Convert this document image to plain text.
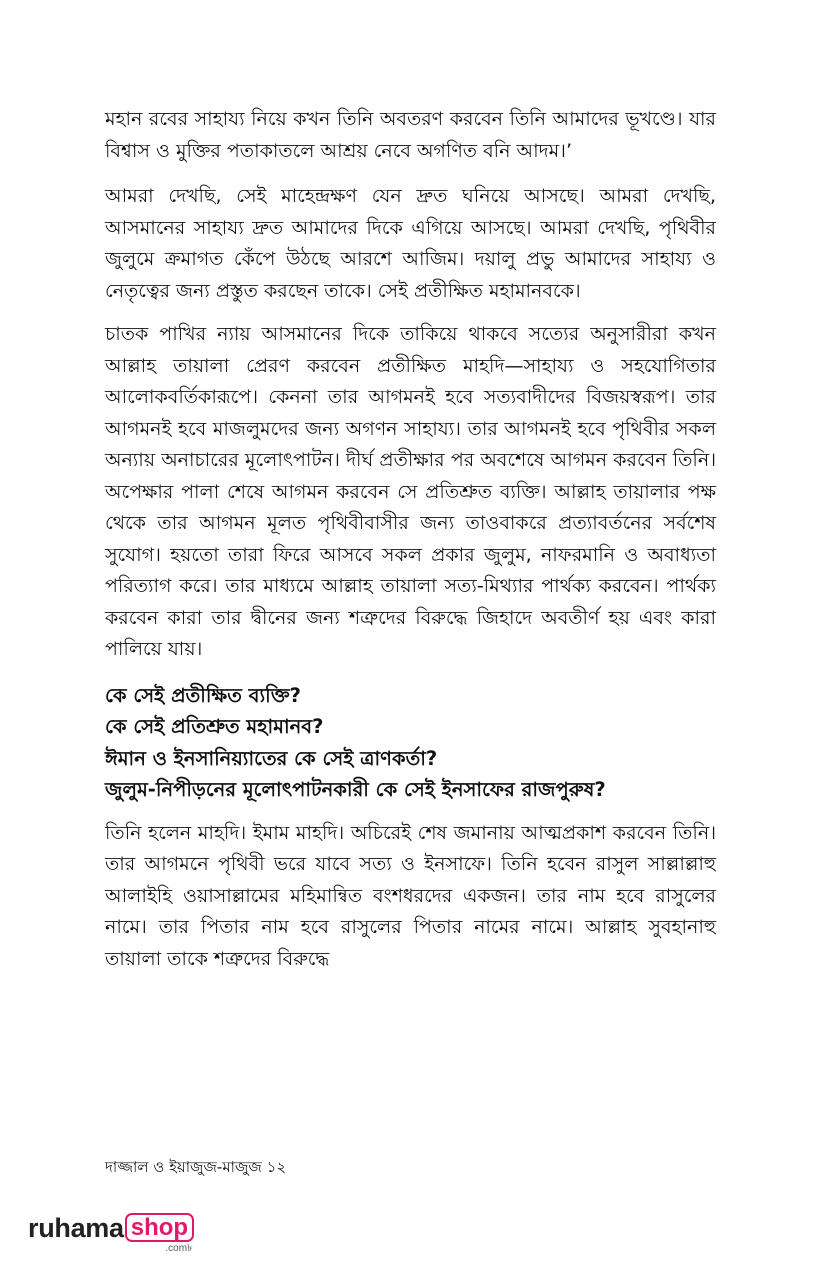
মহান রবের সাহায্য নিয়ে কখন তিনি অবতরণ করবেন তিনি আমাদের ভূখণ্ডে। যার বিশ্বাস ও মুক্তির পতাকাতলে আশ্রয় নেবে অগণিত বনি আদম।’

আমরা দেখছি, সেই মাহেন্দ্রক্ষণ যেন দ্রুত ঘনিয়ে আসছে। আমরা দেখছি, আসমানের সাহায্য দ্রুত আমাদের দিকে এগিয়ে আসছে। আমরা দেখছি, পৃথিবীর জুলুমে ক্রমাগত কেঁপে উঠছে আরশে আজিম। দয়ালু প্রভু আমাদের সাহায্য ও নেতৃত্বের জন্য প্রস্তুত করছেন তাকে। সেই প্রতীক্ষিত মহামানবকে।

চাতক পাখির ন্যায় আসমানের দিকে তাকিয়ে থাকবে সত্যের অনুসারীরা কখন আল্লাহ তায়ালা প্রেরণ করবেন প্রতীক্ষিত মাহদি—সাহায্য ও সহযোগিতার আলোকবর্তিকারূপে। কেননা তার আগমনই হবে সত্যবাদীদের বিজয়স্বরূপ। তার আগমনই হবে মাজলুমদের জন্য অগণন সাহায্য। তার আগমনই হবে পৃথিবীর সকল অন্যায় অনাচারের মূলোৎপাটন। দীর্ঘ প্রতীক্ষার পর অবশেষে আগমন করবেন তিনি। অপেক্ষার পালা শেষে আগমন করবেন সে প্রতিশ্রুত ব্যক্তি। আল্লাহ তায়ালার পক্ষ থেকে তার আগমন মূলত পৃথিবীবাসীর জন্য তাওবাকরে প্রত্যাবর্তনের সর্বশেষ সুযোগ। হয়তো তারা ফিরে আসবে সকল প্রকার জুলুম, নাফরমানি ও অবাধ্যতা পরিত্যাগ করে। তার মাধ্যমে আল্লাহ তায়ালা সত্য-মিথ্যার পার্থক্য করবেন। পার্থক্য করবেন কারা তার দ্বীনের জন্য শত্রুদের বিরুদ্ধে জিহাদে অবতীর্ণ হয় এবং কারা পালিয়ে যায়।

কে সেই প্রতীক্ষিত ব্যক্তি?
কে সেই প্রতিশ্রুত মহামানব?
ঈমান ও ইনসানিয়্যাতের কে সেই ত্রাণকর্তা?
জুলুম-নিপীড়নের মূলোৎপাটনকারী কে সেই ইনসাফের রাজপুরুষ?

তিনি হলেন মাহদি। ইমাম মাহদি। অচিরেই শেষ জমানায় আত্মপ্রকাশ করবেন তিনি। তার আগমনে পৃথিবী ভরে যাবে সত্য ও ইনসাফে। তিনি হবেন রাসুল সাল্লাল্লাহু আলাইহি ওয়াসাল্লামের মহিমান্বিত বংশধরদের একজন। তার নাম হবে রাসুলের নামে। তার পিতার নাম হবে রাসুলের পিতার নামের নামে। আল্লাহ সুবহানাহু তায়ালা তাকে শত্রুদের বিরুদ্ধে

দাজ্জাল ও ইয়াজুজ-মাজুজ ১২
ruhama shop
.com৳
